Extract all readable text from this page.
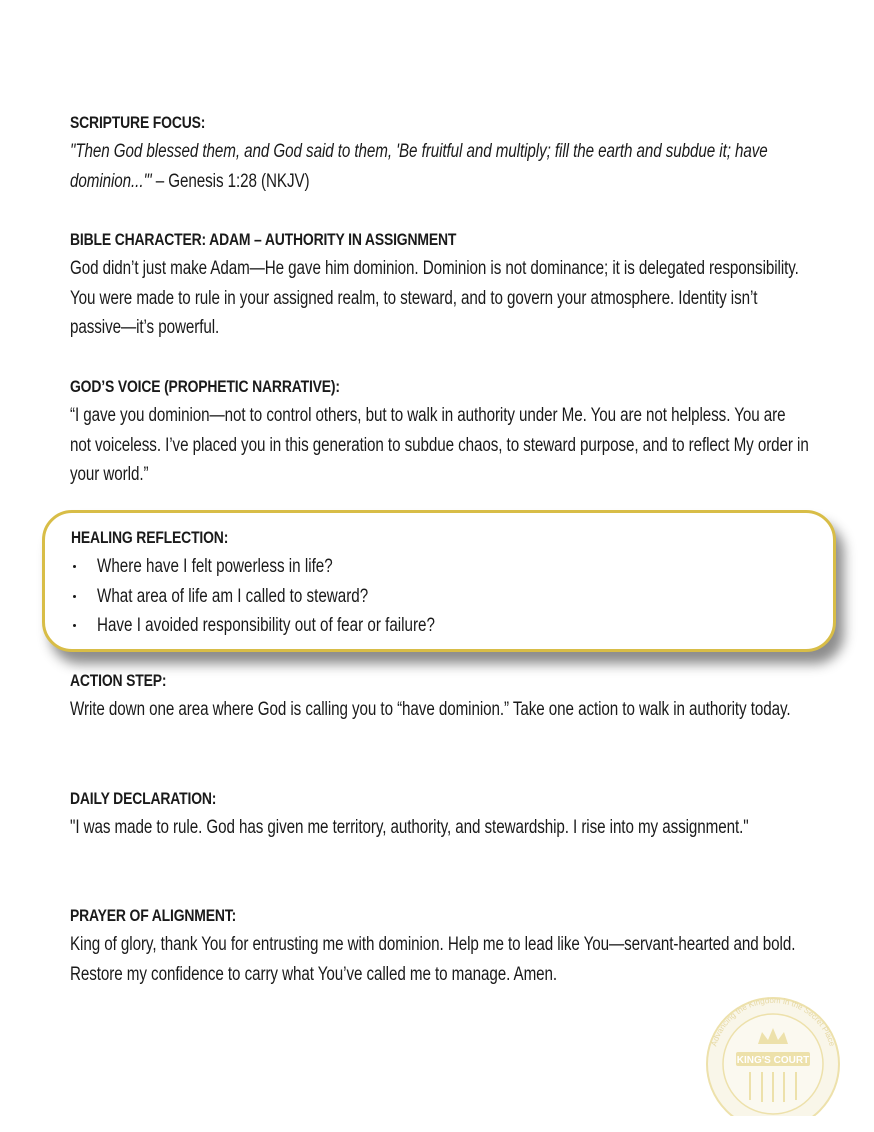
SCRIPTURE FOCUS:
"Then God blessed them, and God said to them, 'Be fruitful and multiply; fill the earth and subdue it; have dominion...'" – Genesis 1:28 (NKJV)
BIBLE CHARACTER: ADAM – AUTHORITY IN ASSIGNMENT
God didn’t just make Adam—He gave him dominion. Dominion is not dominance; it is delegated responsibility. You were made to rule in your assigned realm, to steward, and to govern your atmosphere. Identity isn’t passive—it’s powerful.
GOD’S VOICE (PROPHETIC NARRATIVE):
“I gave you dominion—not to control others, but to walk in authority under Me. You are not helpless. You are not voiceless. I’ve placed you in this generation to subdue chaos, to steward purpose, and to reflect My order in your world.”
HEALING REFLECTION:
Where have I felt powerless in life?
What area of life am I called to steward?
Have I avoided responsibility out of fear or failure?
ACTION STEP:
Write down one area where God is calling you to “have dominion.” Take one action to walk in authority today.
DAILY DECLARATION:
"I was made to rule. God has given me territory, authority, and stewardship. I rise into my assignment."
PRAYER OF ALIGNMENT:
King of glory, thank You for entrusting me with dominion. Help me to lead like You—servant-hearted and bold. Restore my confidence to carry what You’ve called me to manage. Amen.
Advancing the Kingdom in the Secret Place
KING'S COURT
